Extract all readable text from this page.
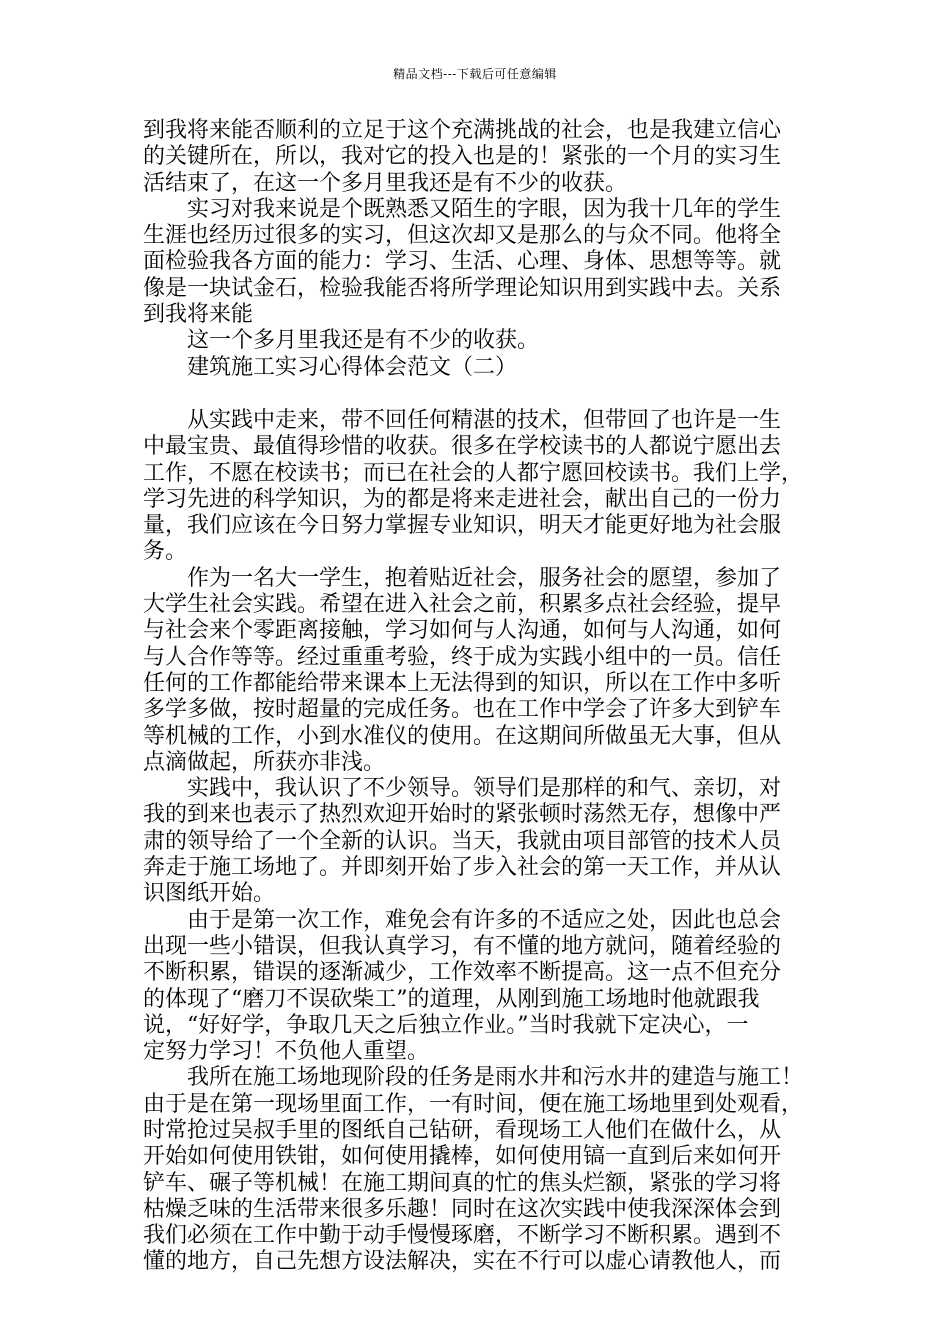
精品文档---下载后可任意编辑

到我将来能否顺利的立足于这个充满挑战的社会，也是我建立信心
的关键所在，所以，我对它的投入也是的！紧张的一个月的实习生
活结束了，在这一个多月里我还是有不少的收获。

实习对我来说是个既熟悉又陌生的字眼，因为我十几年的学生
生涯也经历过很多的实习，但这次却又是那么的与众不同。他将全
面检验我各方面的能力：学习、生活、心理、身体、思想等等。就
像是一块试金石，检验我能否将所学理论知识用到实践中去。关系
到我将来能

这一个多月里我还是有不少的收获。

建筑施工实习心得体会范文（二）

从实践中走来，带不回任何精湛的技术，但带回了也许是一生
中最宝贵、最值得珍惜的收获。很多在学校读书的人都说宁愿出去
工作，不愿在校读书；而已在社会的人都宁愿回校读书。我们上学，
学习先进的科学知识，为的都是将来走进社会，献出自己的一份力
量，我们应该在今日努力掌握专业知识，明天才能更好地为社会服
务。

作为一名大一学生，抱着贴近社会，服务社会的愿望，参加了
大学生社会实践。希望在进入社会之前，积累多点社会经验，提早
与社会来个零距离接触，学习如何与人沟通，如何与人沟通，如何
与人合作等等。经过重重考验，终于成为实践小组中的一员。信任
任何的工作都能给带来课本上无法得到的知识，所以在工作中多听
多学多做，按时超量的完成任务。也在工作中学会了许多大到铲车
等机械的工作，小到水准仪的使用。在这期间所做虽无大事，但从
点滴做起，所获亦非浅。

实践中，我认识了不少领导。领导们是那样的和气、亲切，对
我的到来也表示了热烈欢迎开始时的紧张顿时荡然无存，想像中严
肃的领导给了一个全新的认识。当天，我就由项目部管的技术人员
奔走于施工场地了。并即刻开始了步入社会的第一天工作，并从认
识图纸开始。

由于是第一次工作，难免会有许多的不适应之处，因此也总会
出现一些小错误，但我认真学习，有不懂的地方就问，随着经验的
不断积累，错误的逐渐减少，工作效率不断提高。这一点不但充分
的体现了“磨刀不误砍柴工”的道理，从刚到施工场地时他就跟我
说，“好好学，争取几天之后独立作业。”当时我就下定决心，一
定努力学习！不负他人重望。

我所在施工场地现阶段的任务是雨水井和污水井的建造与施工！
由于是在第一现场里面工作，一有时间，便在施工场地里到处观看，
时常抢过吴叔手里的图纸自己钻研，看现场工人他们在做什么，从
开始如何使用铁钳，如何使用撬棒，如何使用镐一直到后来如何开
铲车、碾子等机械！在施工期间真的忙的焦头烂额，紧张的学习将
枯燥乏味的生活带来很多乐趣！同时在这次实践中使我深深体会到
我们必须在工作中勤于动手慢慢琢磨，不断学习不断积累。遇到不
懂的地方，自己先想方设法解决，实在不行可以虚心请教他人，而
